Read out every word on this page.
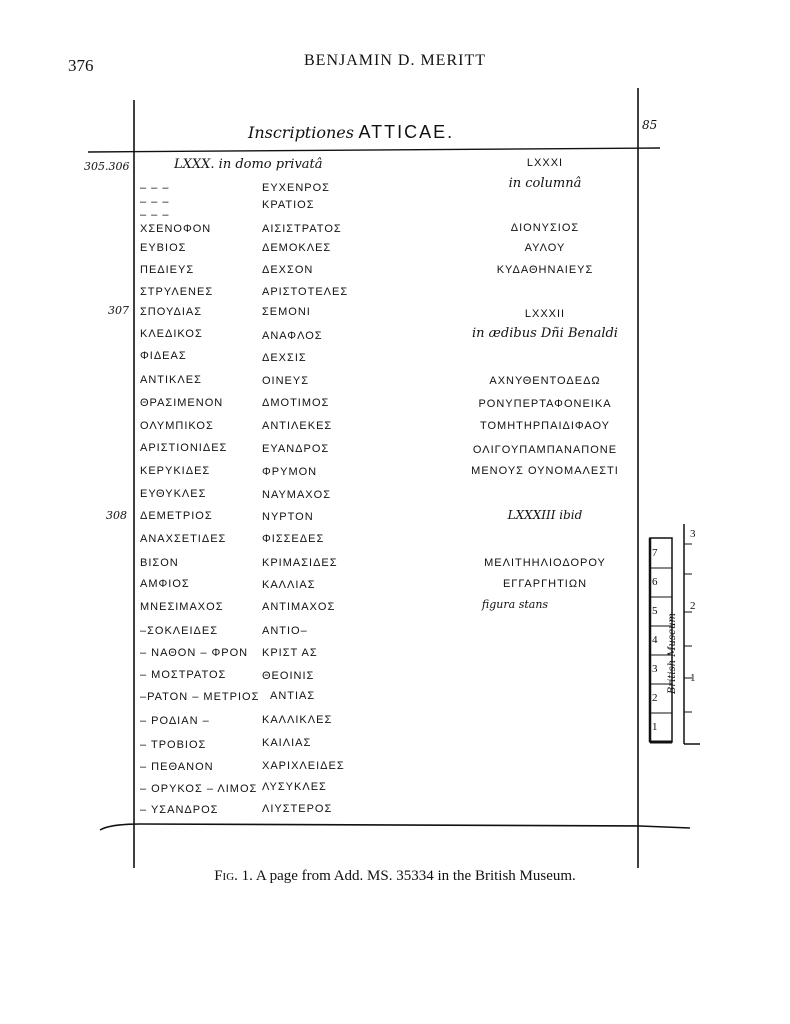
376	BENJAMIN D. MERITT
Inscriptiones ATTICAE.	85
305.306
307
308
LXXX. in domo privatâ
– – –
– – –
– – –
ΧΣΕΝΟΦΟΝ
ΕΥΒΙΟΣ
ΠΕΔΙΕΥΣ
ΣΤΡΥΛΕΝΕΣ
ΣΠΟΥΔΙΑΣ
ΚΛΕΔΙΚΟΣ
ΦΙΔΕΑΣ
ΑΝΤΙΚΛΕΣ
ΘΡΑΣΙΜΕΝΟΝ
ΟΛΥΜΠΙΚΟΣ
ΑΡΙΣΤΙΟΝΙΔΕΣ
ΚΕΡΥΚΙΔΕΣ
ΕΥΘΥΚΛΕΣ
ΔΕΜΕΤΡΙΟΣ
ΑΝΑΧΣΕΤΙΔΕΣ
ΒΙΣΟΝ
ΑΜΦΙΟΣ
ΜΝΕΣΙΜΑΧΟΣ
–ΣΟΚΛΕΙΔΕΣ
– ΝΑΘΟΝ – ΦΡΟΝ
– ΜΟΣΤΡΑΤΟΣ
–ΡΑΤΟΝ – ΜΕΤΡΙΟΣ
– ΡΟΔΙΑΝ –
– ΤΡΟΒΙΟΣ
– ΠΕΘΑΝΟΝ
– ΟΡΥΚΟΣ – ΛΙΜΟΣ
– ΥΣΑΝΔΡΟΣ
ΕΥΧΕΝΡΟΣ
ΚΡΑΤΙΟΣ
ΑΙΣΙΣΤΡΑΤΟΣ
ΔΕΜΟΚΛΕΣ
ΔΕΧΣΟΝ
ΑΡΙΣΤΟΤΕΛΕΣ
ΣΕΜΟΝΙ
ΑΝΑΦΛΟΣ
ΔΕΧΣΙΣ
ΟΙΝΕΥΣ
ΔΜΟΤΙΜΟΣ
ΑΝΤΙΛΕΚΕΣ
ΕΥΑΝΔΡΟΣ
ΦΡΥΜΟΝ
ΝΑΥΜΑΧΟΣ
ΝΥΡΤΟΝ
ΦΙΣΣΕΔΕΣ
ΚΡΙΜΑΣΙΔΕΣ
ΚΑΛΛΙΑΣ
ΑΝΤΙΜΑΧΟΣ
ΑΝΤΙΟ–
ΚΡΙΣΤ ΑΣ
ΘΕΟΙΝΙΣ
ΑΝΤΙΑΣ
ΚΑΛΛΙΚΛΕΣ
ΚΑΙΛΙΑΣ
ΧΑΡΙΧΛΕΙΔΕΣ
ΛΥΣΥΚΛΕΣ
ΛΙΥΣΤΕΡΟΣ
LXXXI
in columnâ
ΔΙΟΝΥΣΙΟΣ
ΑΥΛΟΥ
ΚΥΔΑΘΗΝΑΙΕΥΣ
LXXXII
in ædibus Dñi Benaldi
ΑΧΝΥΘΕΝΤΟΔΕΔΩ
ΡΟΝΥΠΕΡΤΑΦΟΝΕΙΚΑ
ΤΟΜΗΤΗΡΠΑΙΔΙΦΑΟΥ
ΟΛΙΓΟΥΠΑΜΠΑΝΑΠΟΝΕ
ΜΕΝΟΥΣ ΟΥΝΟΜΑΛΕΣΤΙ
LXXXIII ibid
ΜΕΛΙΤΗΗΛΙΟΔΟΡΟΥ
ΕΓΓΑΡΓΗΤΙΩΝ
figura stans
7
6
5
4
3
2
1
British Museum
3
2
1
Fig. 1. A page from Add. MS. 35334 in the British Museum.
